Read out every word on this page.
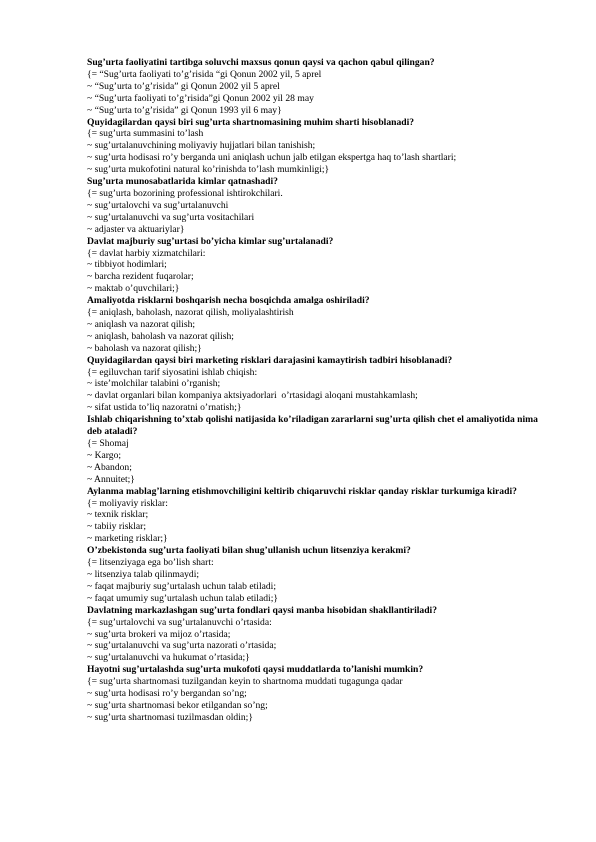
Sug’urta faoliyatini tartibga soluvchi maxsus qonun qaysi va qachon qabul qilingan?

{= “Sug’urta faoliyati to’g’risida “gi Qonun 2002 yil, 5 aprel

~ “Sug’urta to’g’risida” gi Qonun 2002 yil 5 aprel

~ “Sug’urta faoliyati to’g’risida”gi Qonun 2002 yil 28 may

~ “Sug’urta to’g’risida” gi Qonun 1993 yil 6 may}

Quyidagilardan qaysi biri sug’urta shartnomasining muhim sharti hisoblanadi?

{= sug’urta summasini to’lash

~ sug’urtalanuvchining moliyaviy hujjatlari bilan tanishish;

~ sug’urta hodisasi ro’y berganda uni aniqlash uchun jalb etilgan ekspertga haq to’lash shartlari;

~ sug’urta mukofotini natural ko’rinishda to’lash mumkinligi;}

Sug’urta munosabatlarida kimlar qatnashadi?

{= sug’urta bozorining professional ishtirokchilari.

~ sug’urtalovchi va sug’urtalanuvchi

~ sug’urtalanuvchi va sug’urta vositachilari

~ adjaster va aktuariylar}

Davlat majburiy sug’urtasi bo’yicha kimlar sug’urtalanadi?

{= davlat harbiy xizmatchilari:

~ tibbiyot hodimlari;

~ barcha rezident fuqarolar;

~ maktab o’quvchilari;}

Amaliyotda risklarni boshqarish necha bosqichda amalga oshiriladi?

{= aniqlash, baholash, nazorat qilish, moliyalashtirish

~ aniqlash va nazorat qilish;

~ aniqlash, baholash va nazorat qilish;

~ baholash va nazorat qilish;}

Quyidagilardan qaysi biri marketing risklari darajasini kamaytirish tadbiri hisoblanadi?

{= egiluvchan tarif siyosatini ishlab chiqish:

~ iste’molchilar talabini o’rganish;

~ davlat organlari bilan kompaniya aktsiyadorlari  o’rtasidagi aloqani mustahkamlash;

~ sifat ustida to’liq nazoratni o’rnatish;}

Ishlab chiqarishning to’xtab qolishi natijasida ko’riladigan zararlarni sug’urta qilish chet el amaliyotida nima deb ataladi?

{= Shomaj

~ Kargo;

~ Abandon;

~ Annuitet;}

Aylanma mablag’larning etishmovchiligini keltirib chiqaruvchi risklar qanday risklar turkumiga kiradi?

{= moliyaviy risklar:

~ texnik risklar;

~ tabiiy risklar;

~ marketing risklar;}

O’zbekistonda sug’urta faoliyati bilan shug’ullanish uchun litsenziya kerakmi?

{= litsenziyaga ega bo’lish shart:

~ litsenziya talab qilinmaydi;

~ faqat majburiy sug’urtalash uchun talab etiladi;

~ faqat umumiy sug’urtalash uchun talab etiladi;}

Davlatning markazlashgan sug’urta fondlari qaysi manba hisobidan shakllantiriladi?

{= sug’urtalovchi va sug’urtalanuvchi o’rtasida:

~ sug’urta brokeri va mijoz o’rtasida;

~ sug’urtalanuvchi va sug’urta nazorati o’rtasida;

~ sug’urtalanuvchi va hukumat o’rtasida;}

Hayotni sug’urtalashda sug’urta mukofoti qaysi muddatlarda to’lanishi mumkin?

{= sug’urta shartnomasi tuzilgandan keyin to shartnoma muddati tugagunga qadar

~ sug’urta hodisasi ro’y bergandan so’ng;

~ sug’urta shartnomasi bekor etilgandan so’ng;

~ sug’urta shartnomasi tuzilmasdan oldin;}
